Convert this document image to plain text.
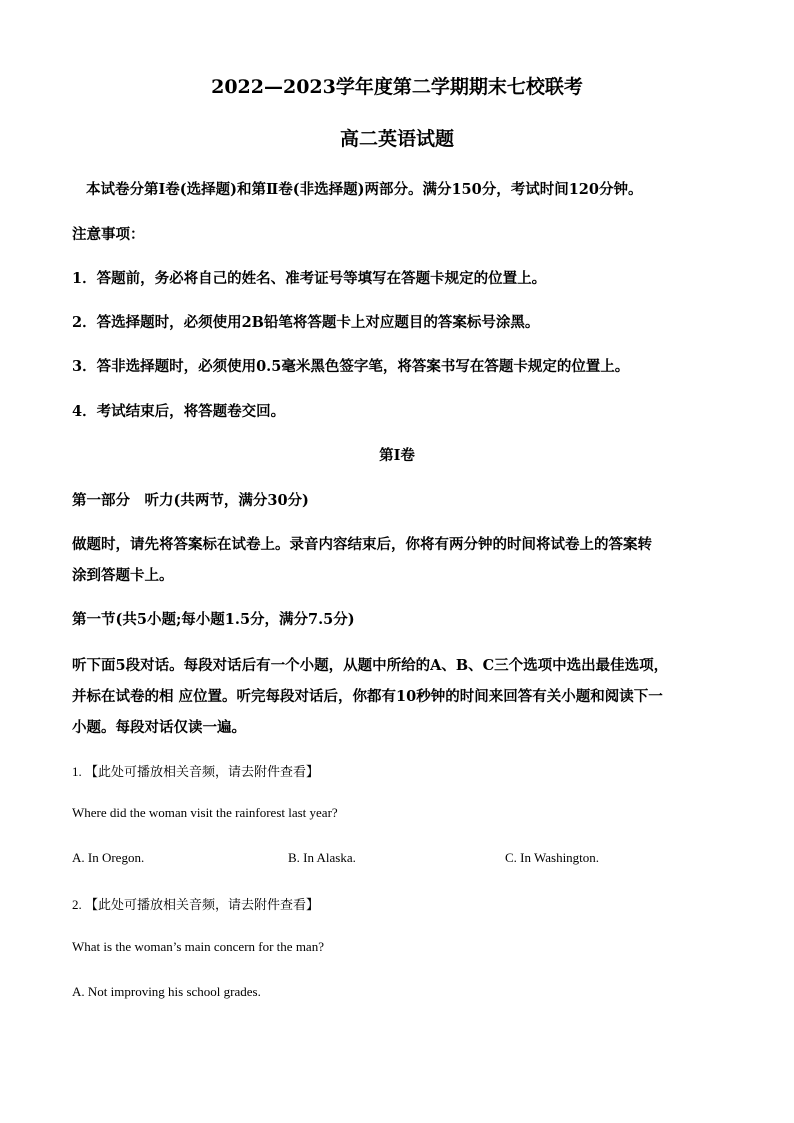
2022—2023学年度第二学期期末七校联考
高二英语试题
本试卷分第Ⅰ卷(选择题)和第Ⅱ卷(非选择题)两部分。满分150分，考试时间120分钟。
注意事项：
1．答题前，务必将自己的姓名、准考证号等填写在答题卡规定的位置上。
2．答选择题时，必须使用2B铅笔将答题卡上对应题目的答案标号涂黑。
3．答非选择题时，必须使用0.5毫米黑色签字笔，将答案书写在答题卡规定的位置上。
4．考试结束后，将答题卷交回。
第I卷
第一部分　听力(共两节，满分30分)
做题时，请先将答案标在试卷上。录音内容结束后，你将有两分钟的时间将试卷上的答案转
涂到答题卡上。
第一节(共5小题;每小题1.5分，满分7.5分)
听下面5段对话。每段对话后有一个小题，从题中所给的A、B、C三个选项中选出最佳选项，
并标在试卷的相 应位置。听完每段对话后，你都有10秒钟的时间来回答有关小题和阅读下一
小题。每段对话仅读一遍。
1. 【此处可播放相关音频，请去附件查看】
Where did the woman visit the rainforest last year?
A. In Oregon.	B. In Alaska.	C. In Washington.
2. 【此处可播放相关音频，请去附件查看】
What is the woman’s main concern for the man?
A. Not improving his school grades.
